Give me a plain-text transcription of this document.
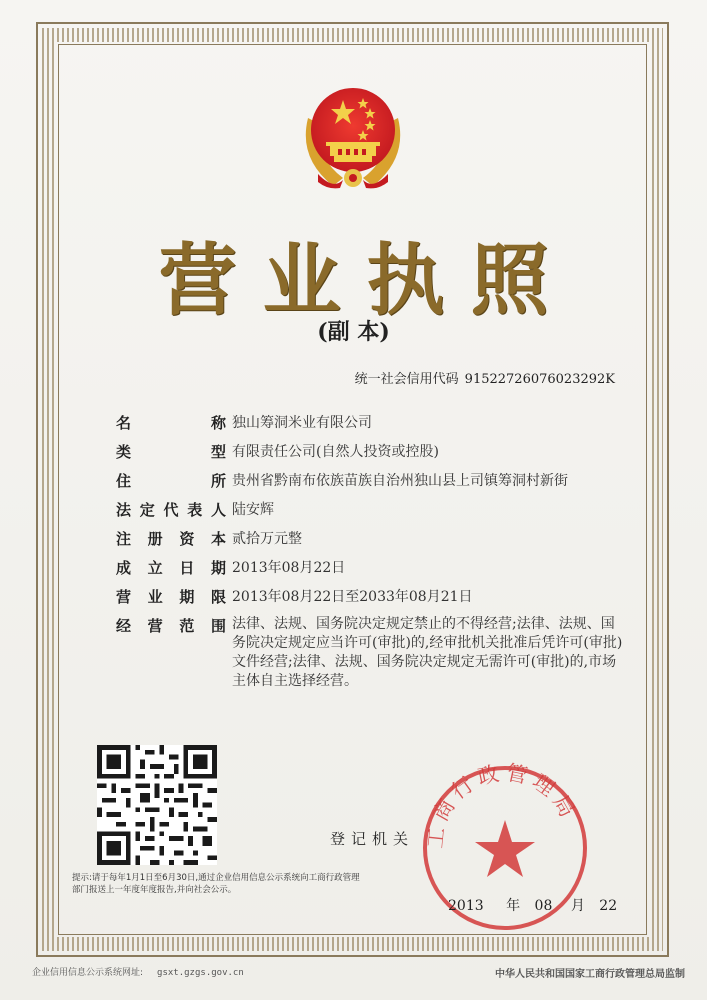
营业执照
(副 本)
统一社会信用代码 91522726076023292K
名称 独山筹洞米业有限公司
类型 有限责任公司(自然人投资或控股)
住所 贵州省黔南布依族苗族自治州独山县上司镇筹洞村新街
法定代表人 陆安辉
注册资本 贰拾万元整
成立日期 2013年08月22日
营业期限 2013年08月22日至2033年08月21日
经营范围 法律、法规、国务院决定规定禁止的不得经营;法律、法规、国务院决定规定应当许可(审批)的,经审批机关批准后凭许可(审批)文件经营;法律、法规、国务院决定规定无需许可(审批)的,市场主体自主选择经营。
提示:请于每年1月1日至6月30日,通过企业信用信息公示系统向工商行政管理部门报送上一年度年度报告,并向社会公示。
登记机关 工商行政管理局
2013 年 08 月 22
企业信用信息公示系统网址: gsxt.gzgs.gov.cn	中华人民共和国国家工商行政管理总局监制
